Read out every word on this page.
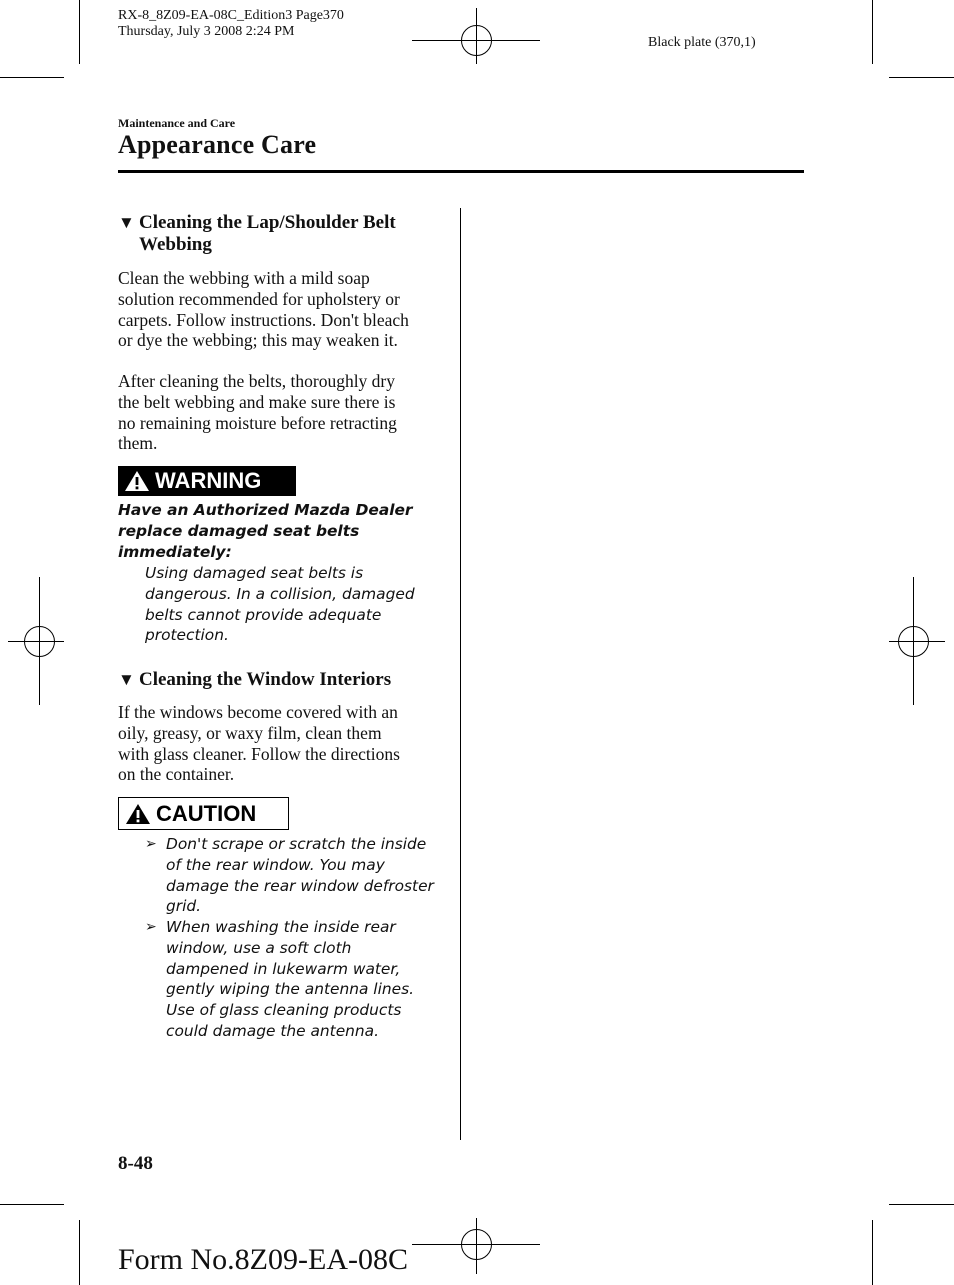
RX-8_8Z09-EA-08C_Edition3 Page370
Thursday, July 3 2008 2:24 PM
Black plate (370,1)
Maintenance and Care
Appearance Care
▼ Cleaning the Lap/Shoulder Belt
Webbing
Clean the webbing with a mild soap
solution recommended for upholstery or
carpets. Follow instructions. Don't bleach
or dye the webbing; this may weaken it.
After cleaning the belts, thoroughly dry
the belt webbing and make sure there is
no remaining moisture before retracting
them.
WARNING
Have an Authorized Mazda Dealer
replace damaged seat belts
immediately:
Using damaged seat belts is
dangerous. In a collision, damaged
belts cannot provide adequate
protection.
▼ Cleaning the Window Interiors
If the windows become covered with an
oily, greasy, or waxy film, clean them
with glass cleaner. Follow the directions
on the container.
CAUTION
➢ Don't scrape or scratch the inside
of the rear window. You may
damage the rear window defroster
grid.
➢ When washing the inside rear
window, use a soft cloth
dampened in lukewarm water,
gently wiping the antenna lines.
Use of glass cleaning products
could damage the antenna.
8-48
Form No.8Z09-EA-08C
